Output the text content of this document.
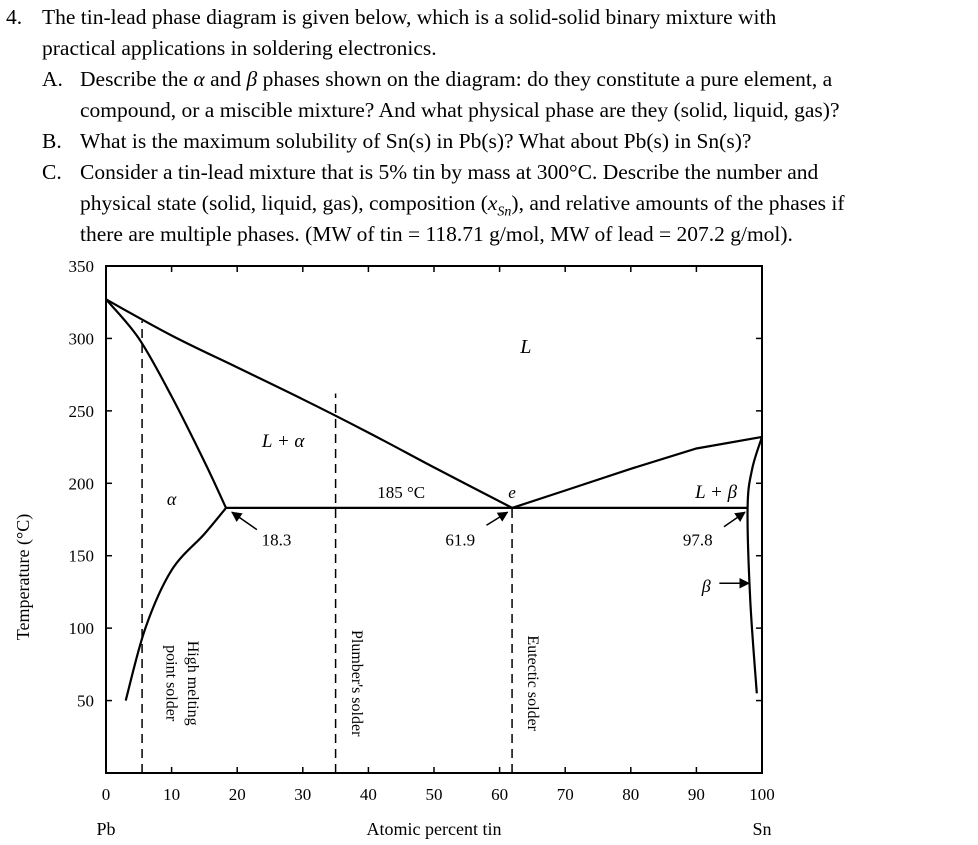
4. The tin-lead phase diagram is given below, which is a solid-solid binary mixture with
practical applications in soldering electronics.
A. Describe the α and β phases shown on the diagram: do they constitute a pure element, a
compound, or a miscible mixture? And what physical phase are they (solid, liquid, gas)?
B. What is the maximum solubility of Sn(s) in Pb(s)? What about Pb(s) in Sn(s)?
C. Consider a tin-lead mixture that is 5% tin by mass at 300°C. Describe the number and
physical state (solid, liquid, gas), composition $(x_{Sn})$, and relative amounts of the phases if
there are multiple phases. (MW of tin = 118.71 g/mol, MW of lead = 207.2 g/mol).
50
100
150
200
250
300
350
0	10	20	30	40	50	60	70	80	90	100
Atomic percent tin
Temperature (°C)
Pb	Sn
L
L + α
α	L + β
e
185 °C
18.3	61.9	97.8
β
High melting
point solder	Plumber's solder	Eutectic solder
